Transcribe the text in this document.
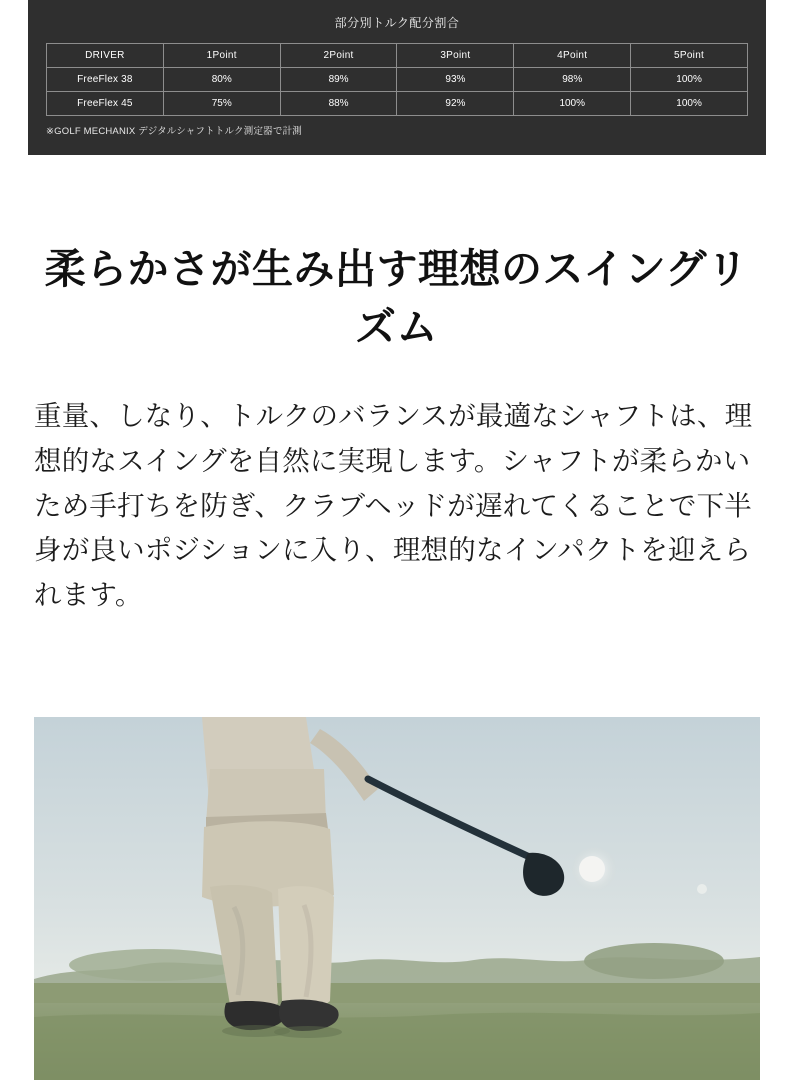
部分別トルク配分割合
DRIVER	1Point	2Point	3Point	4Point	5Point
FreeFlex 38	80%	89%	93%	98%	100%
FreeFlex 45	75%	88%	92%	100%	100%
※GOLF MECHANIX デジタルシャフトトルク測定器で計測
柔らかさが生み出す理想のスイングリズム

重量、しなり、トルクのバランスが最適なシャフトは、理想的なスイングを自然に実現します。シャフトが柔らかいため手打ちを防ぎ、クラブヘッドが遅れてくることで下半身が良いポジションに入り、理想的なインパクトを迎えられます。
